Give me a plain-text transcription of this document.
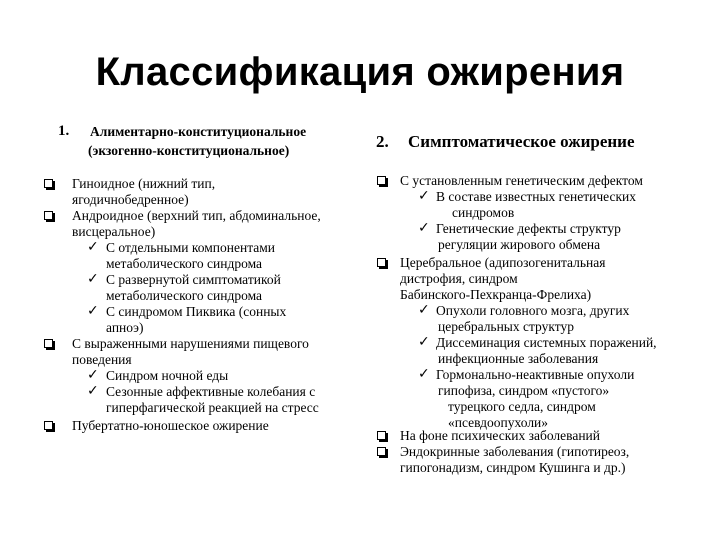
Классификация ожирения
1. Алиментарно-конституциональное
(экзогенно-конституциональное)
Гиноидное (нижний тип,
ягодичнобедренное)
Андроидное (верхний тип, абдоминальное,
висцеральное)
✓ С отдельными компонентами
метаболического синдрома
✓ С развернутой симптоматикой
метаболического синдрома
✓ С синдромом Пиквика (сонных
апноэ)
С выраженными нарушениями пищевого
поведения
✓ Синдром ночной еды
✓ Сезонные аффективные колебания с
гиперфагической реакцией на стресс
Пубертатно-юношеское ожирение
2. Симптоматическое ожирение
С установленным генетическим дефектом
✓ В составе известных генетических
синдромов
✓ Генетические дефекты структур
регуляции жирового обмена
Церебральное (адипозогенитальная
дистрофия, синдром
Бабинского-Пехкранца-Фрелиха)
✓ Опухоли головного мозга, других
церебральных структур
✓ Диссеминация системных поражений,
инфекционные заболевания
✓ Гормонально-неактивные опухоли
гипофиза, синдром «пустого»
турецкого седла, синдром
«псевдоопухоли»
На фоне психических заболеваний
Эндокринные заболевания (гипотиреоз,
гипогонадизм, синдром Кушинга и др.)
